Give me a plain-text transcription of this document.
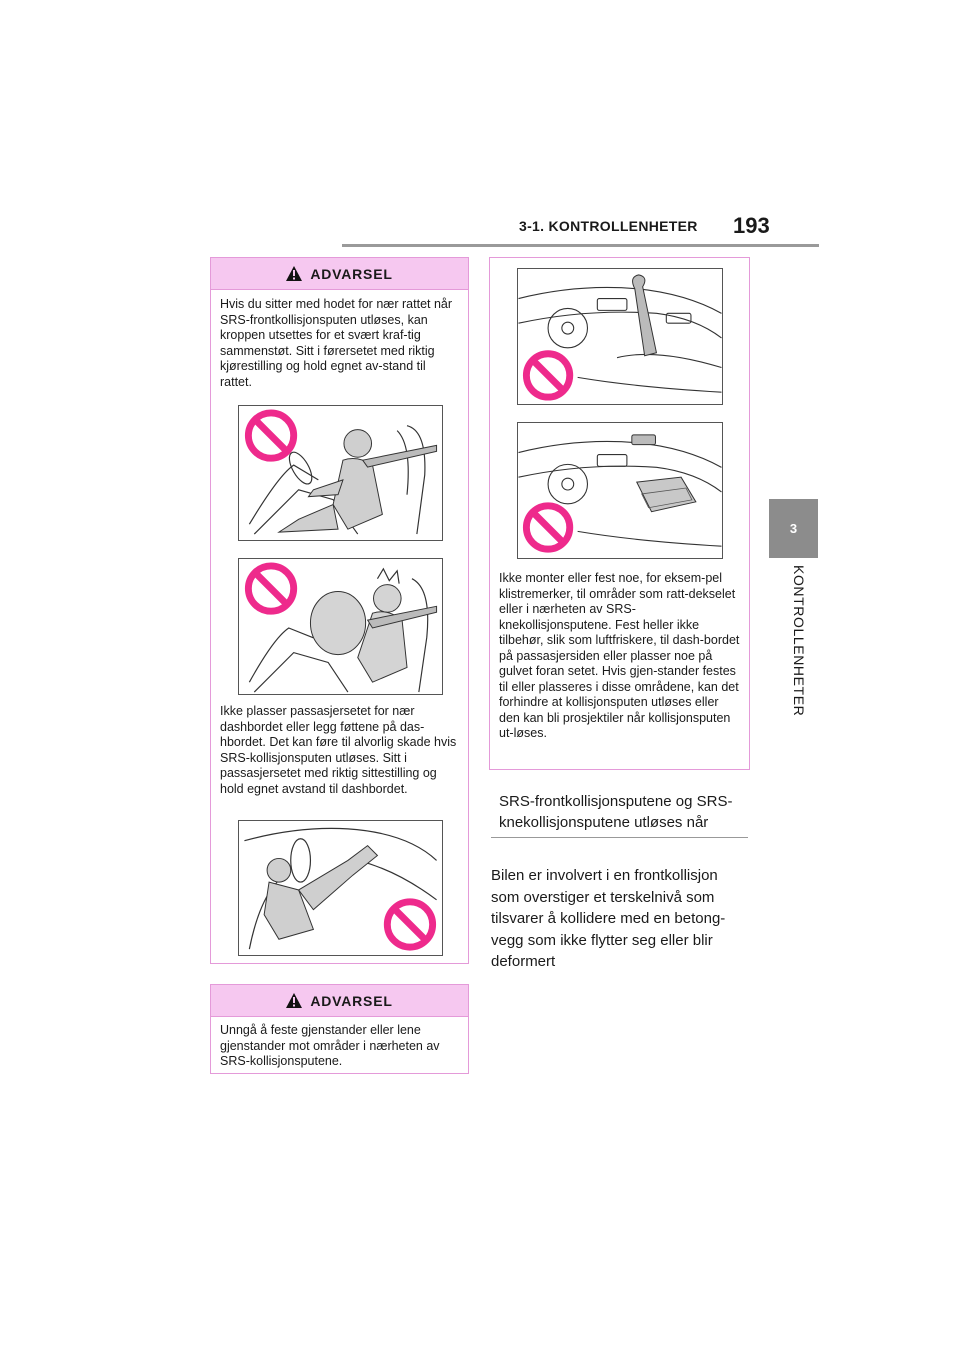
3-1. KONTROLLENHETER 193
3
KONTROLLENHETER
ADVARSEL

Hvis du sitter med hodet for nær rattet når SRS-frontkollisjonsputen utløses, kan kroppen utsettes for et svært kraf-tig sammenstøt. Sitt i førersetet med riktig kjørestilling og hold egnet av-stand til rattet.

Ikke plasser passasjersetet for nær dashbordet eller legg føttene på das-hbordet. Det kan føre til alvorlig skade hvis SRS-kollisjonsputen utløses. Sitt i passasjersetet med riktig sittestilling og hold egnet avstand til dashbordet.

ADVARSEL

Unngå å feste gjenstander eller lene gjenstander mot områder i nærheten av SRS-kollisjonsputene.

Ikke monter eller fest noe, for eksem-pel klistremerker, til områder som ratt-dekselet eller i nærheten av SRS-knekollisjonsputene. Fest heller ikke tilbehør, slik som luftfriskere, til dash-bordet på passasjersiden eller plasser noe på gulvet foran setet. Hvis gjen-stander festes til eller plasseres i disse områdene, kan det forhindre at kollisjonsputen utløses eller den kan bli prosjektiler når kollisjonsputen ut-løses.

SRS-frontkollisjonsputene og SRS-knekollisjonsputene utløses når
Bilen er involvert i en frontkollisjon
som overstiger et terskelnivå som
tilsvarer å kollidere med en betong-
vegg som ikke flytter seg eller blir
deformert
